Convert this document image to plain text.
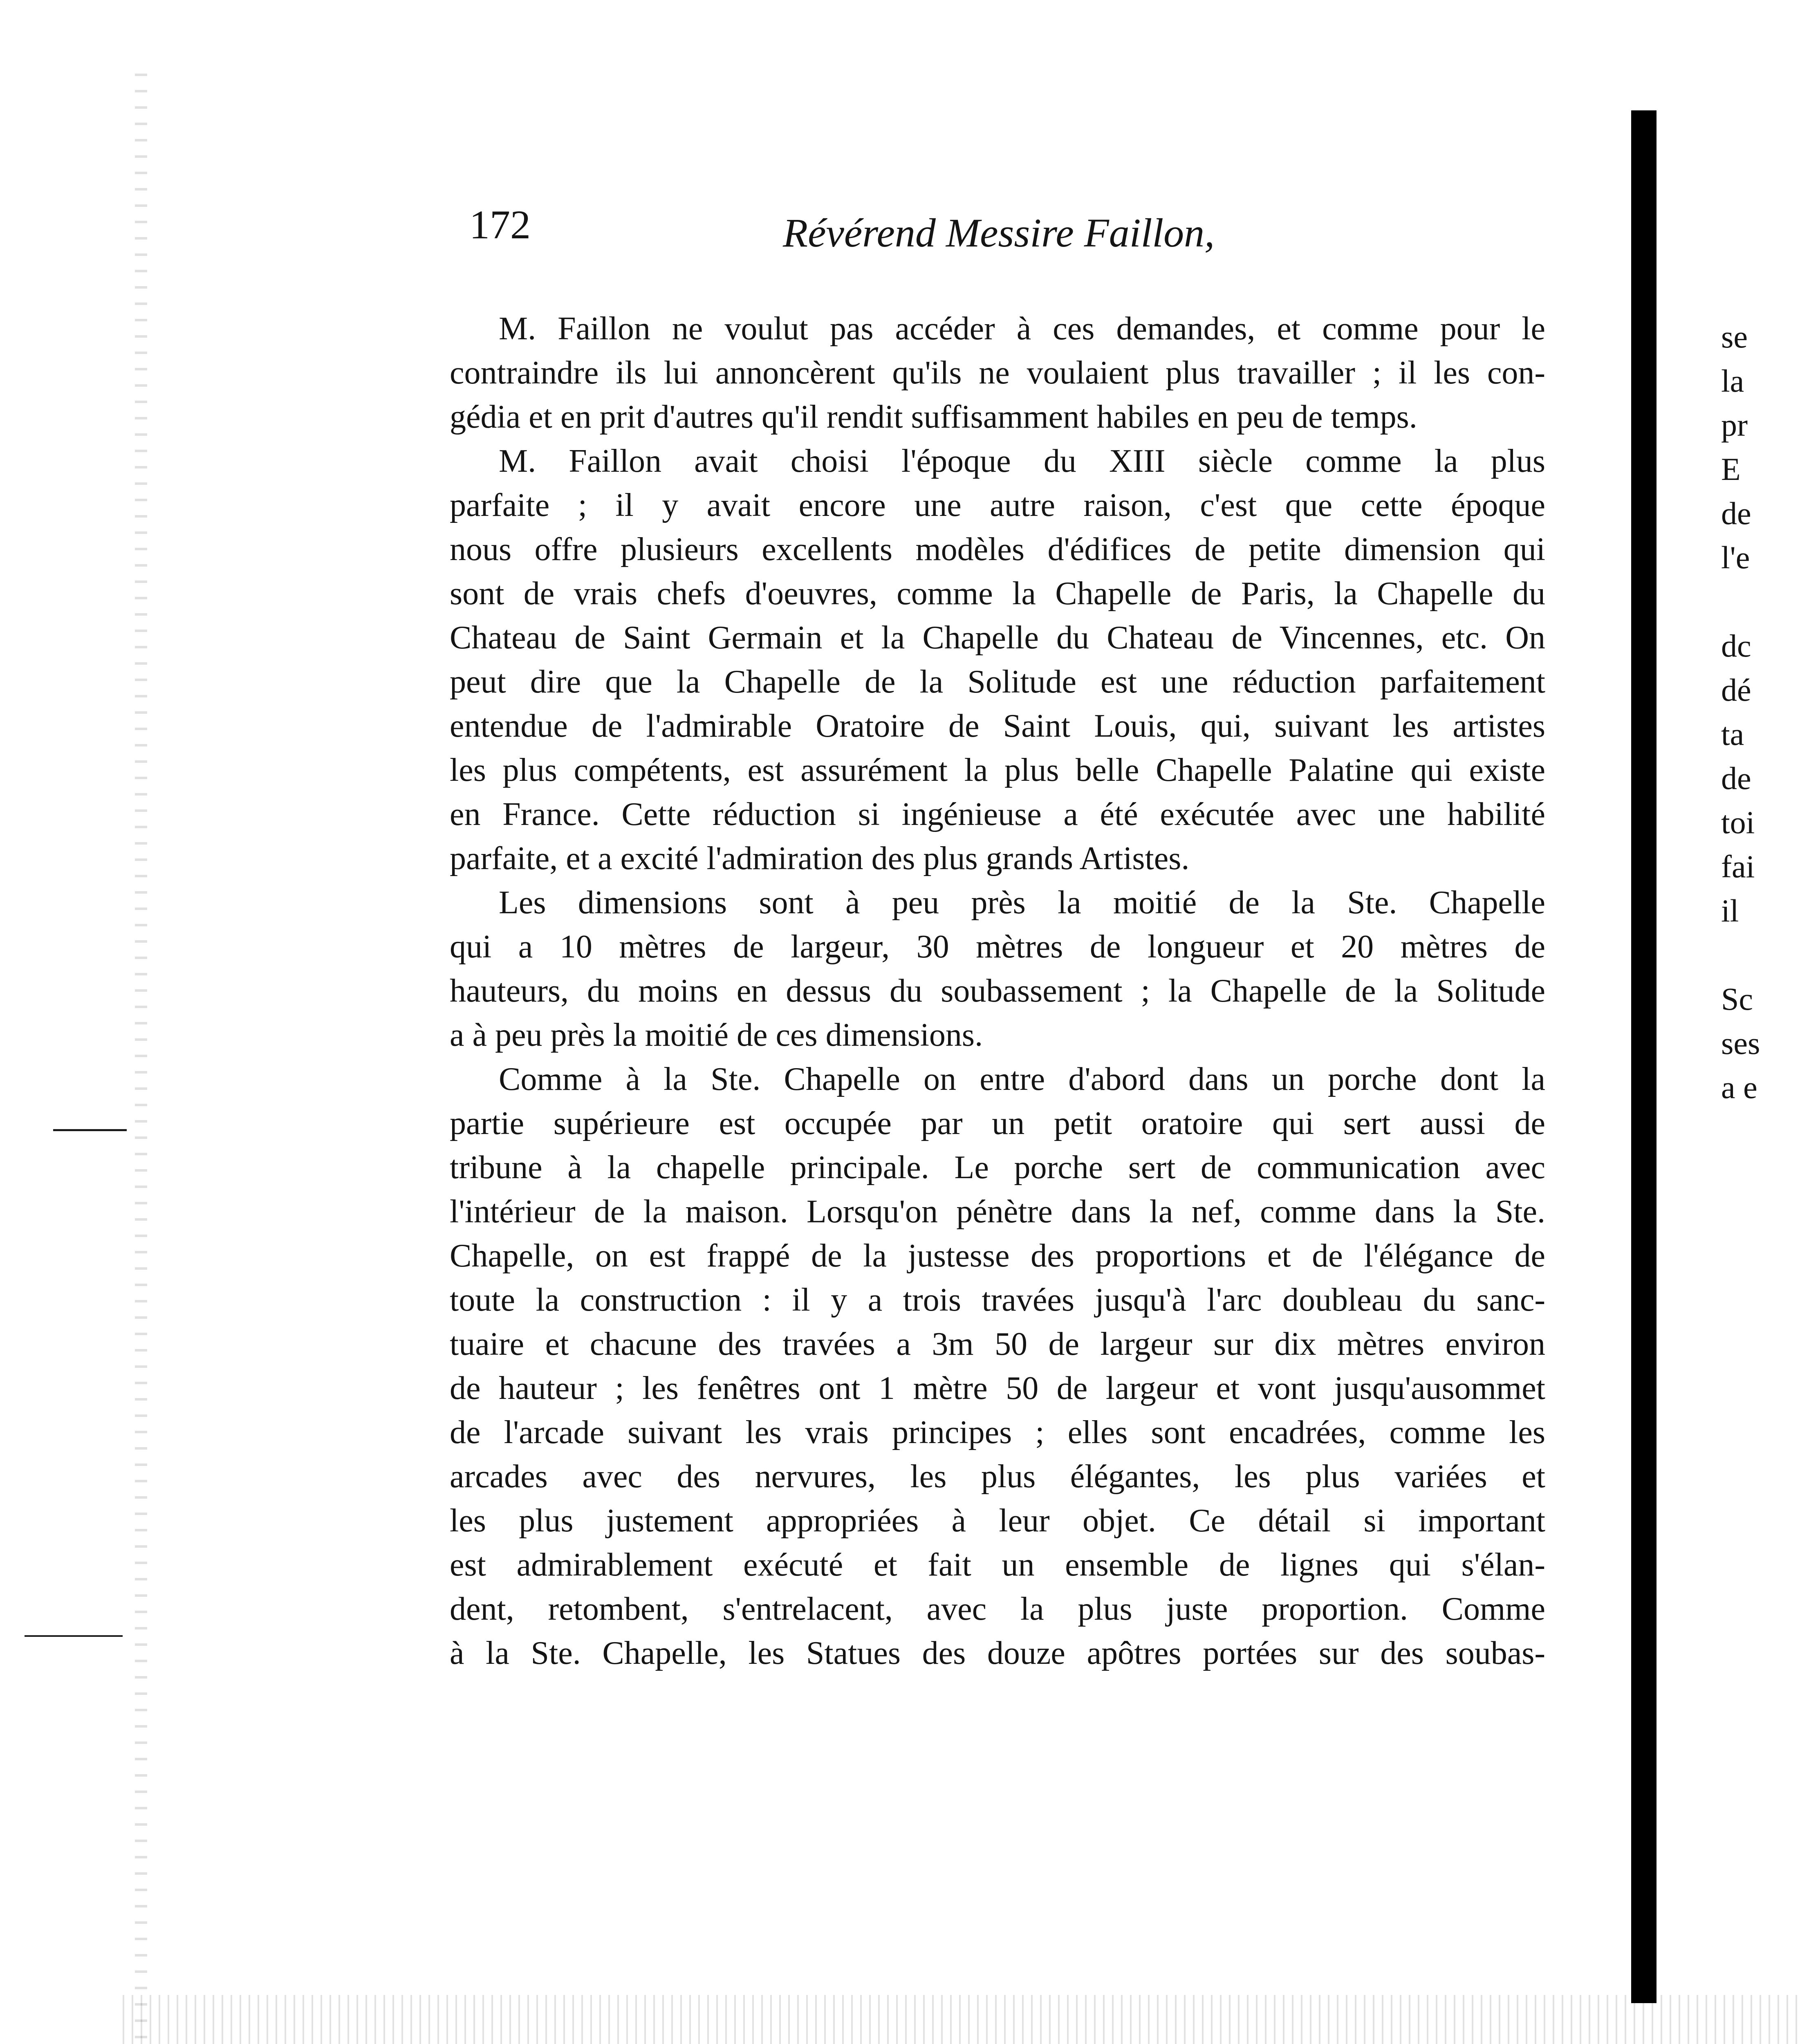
172	Révérend Messire Faillon,
M. Faillon ne voulut pas accéder à ces demandes, et comme pour le
contraindre ils lui annoncèrent qu'ils ne voulaient plus travailler ; il les con-
gédia et en prit d'autres qu'il rendit suffisamment habiles en peu de temps.
M. Faillon avait choisi l'époque du XIII siècle comme la plus
parfaite ; il y avait encore une autre raison, c'est que cette époque
nous offre plusieurs excellents modèles d'édifices de petite dimension qui
sont de vrais chefs d'oeuvres, comme la Chapelle de Paris, la Chapelle du
Chateau de Saint Germain et la Chapelle du Chateau de Vincennes, etc. On
peut dire que la Chapelle de la Solitude est une réduction parfaitement
entendue de l'admirable Oratoire de Saint Louis, qui, suivant les artistes
les plus compétents, est assurément la plus belle Chapelle Palatine qui existe
en France. Cette réduction si ingénieuse a été exécutée avec une habilité
parfaite, et a excité l'admiration des plus grands Artistes.
Les dimensions sont à peu près la moitié de la Ste. Chapelle
qui a 10 mètres de largeur, 30 mètres de longueur et 20 mètres de
hauteurs, du moins en dessus du soubassement ; la Chapelle de la Solitude
a à peu près la moitié de ces dimensions.
Comme à la Ste. Chapelle on entre d'abord dans un porche dont la
partie supérieure est occupée par un petit oratoire qui sert aussi de
tribune à la chapelle principale. Le porche sert de communication avec
l'intérieur de la maison. Lorsqu'on pénètre dans la nef, comme dans la Ste.
Chapelle, on est frappé de la justesse des proportions et de l'élégance de
toute la construction : il y a trois travées jusqu'à l'arc doubleau du sanc-
tuaire et chacune des travées a 3m 50 de largeur sur dix mètres environ
de hauteur ; les fenêtres ont 1 mètre 50 de largeur et vont jusqu'ausommet
de l'arcade suivant les vrais principes ; elles sont encadrées, comme les
arcades avec des nervures, les plus élégantes, les plus variées et
les plus justement appropriées à leur objet. Ce détail si important
est admirablement exécuté et fait un ensemble de lignes qui s'élan-
dent, retombent, s'entrelacent, avec la plus juste proportion. Comme
à la Ste. Chapelle, les Statues des douze apôtres portées sur des soubas-
se
la
pr
E
de
l'e
dc
dé
ta
de
toi
fai
il
Sc
ses
a e
